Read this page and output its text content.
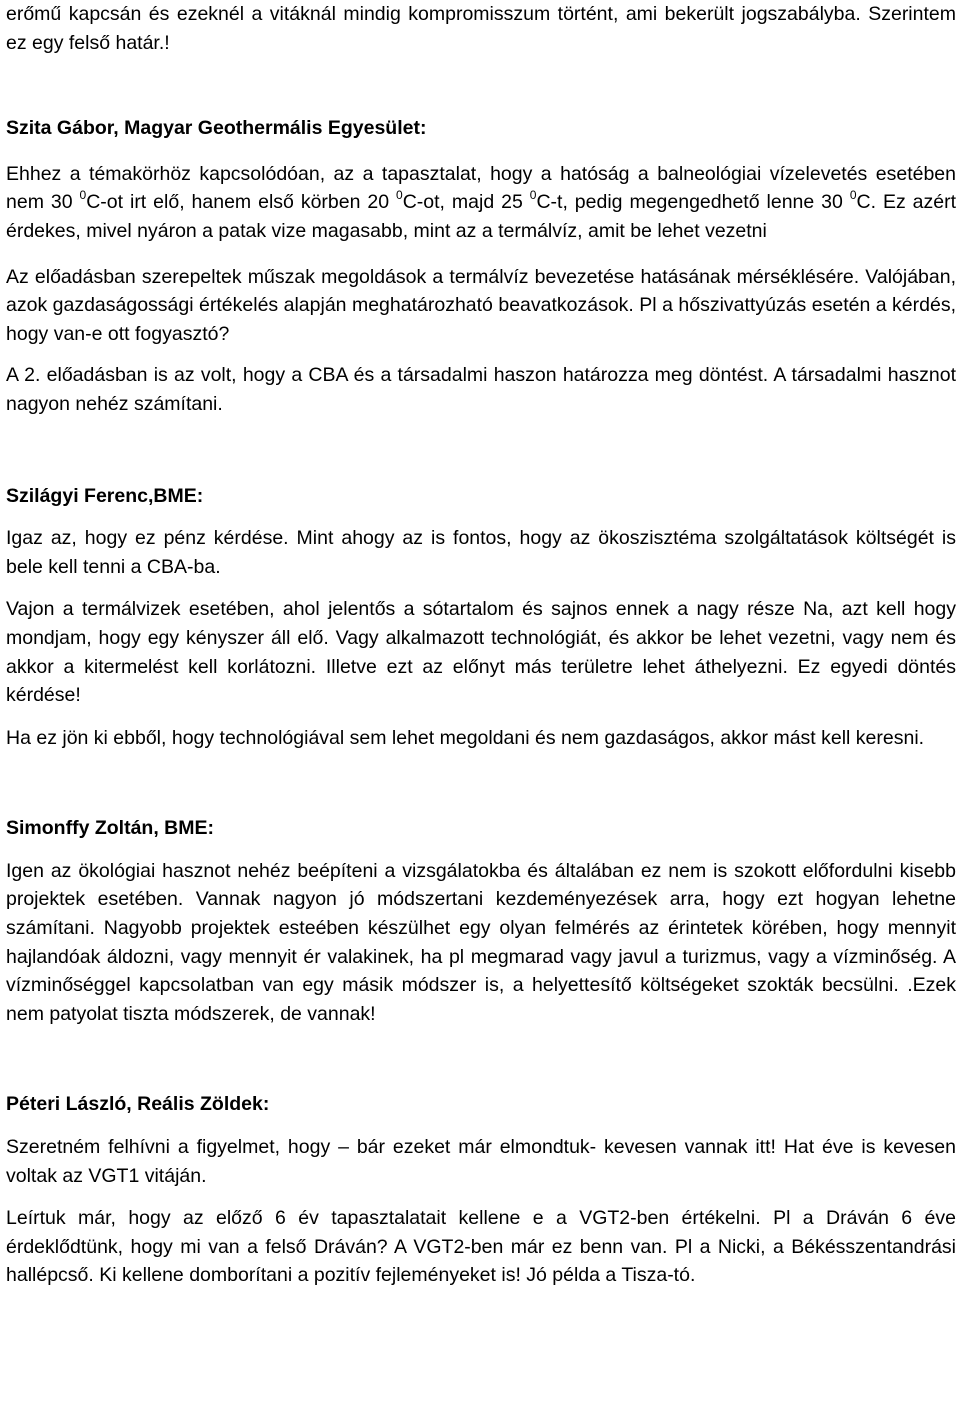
erőmű kapcsán és ezeknél a vitáknál mindig kompromisszum történt, ami bekerült jogszabályba. Szerintem ez egy felső határ.!

Szita Gábor, Magyar Geothermális Egyesület:

Ehhez a témakörhöz kapcsolódóan, az a tapasztalat, hogy a hatóság a balneológiai vízelevetés esetében nem 30 $^0$C-ot irt elő, hanem első körben 20 $^0$C-ot, majd 25 $^0$C-t, pedig megengedhető lenne 30 $^0$C. Ez azért érdekes, mivel nyáron a patak vize magasabb, mint az a termálvíz, amit be lehet vezetni

Az előadásban szerepeltek műszak megoldások a termálvíz bevezetése hatásának mérséklésére. Valójában, azok gazdaságossági értékelés alapján meghatározható beavatkozások. Pl a hőszivattyúzás esetén a kérdés, hogy van-e ott fogyasztó?

A 2. előadásban is az volt, hogy a CBA és a társadalmi haszon határozza meg döntést. A társadalmi hasznot nagyon nehéz számítani.

Szilágyi Ferenc,BME:

Igaz az, hogy ez pénz kérdése. Mint ahogy az is fontos, hogy az ökoszisztéma szolgáltatások költségét is bele kell tenni a CBA-ba.

Vajon a termálvizek esetében, ahol jelentős a sótartalom és sajnos ennek a nagy része Na, azt kell hogy mondjam, hogy egy kényszer áll elő. Vagy alkalmazott technológiát, és akkor be lehet vezetni, vagy nem és akkor a kitermelést kell korlátozni. Illetve ezt az előnyt más területre lehet áthelyezni. Ez egyedi döntés kérdése!

Ha ez jön ki ebből, hogy technológiával sem lehet megoldani és nem gazdaságos, akkor mást kell keresni.

Simonffy Zoltán, BME:

Igen az ökológiai hasznot nehéz beépíteni a vizsgálatokba és általában ez nem is szokott előfordulni kisebb projektek esetében. Vannak nagyon jó módszertani kezdeményezések arra, hogy ezt hogyan lehetne számítani. Nagyobb projektek esteében készülhet egy olyan felmérés az érintetek körében, hogy mennyit hajlandóak áldozni, vagy mennyit ér valakinek, ha pl megmarad vagy javul a turizmus, vagy a vízminőség. A vízminőséggel kapcsolatban van egy másik módszer is, a helyettesítő költségeket szokták becsülni. .Ezek nem patyolat tiszta módszerek, de vannak!

Péteri László, Reális Zöldek:

Szeretném felhívni a figyelmet, hogy – bár ezeket már elmondtuk- kevesen vannak itt! Hat éve is kevesen voltak az VGT1 vitáján.

Leírtuk már, hogy az előző 6 év tapasztalatait kellene e a VGT2-ben értékelni. Pl a Dráván 6 éve érdeklődtünk, hogy mi van a felső Dráván? A VGT2-ben már ez benn van. Pl a Nicki, a Békésszentandrási hallépcső. Ki kellene domborítani a pozitív fejleményeket is! Jó példa a Tisza-tó.
